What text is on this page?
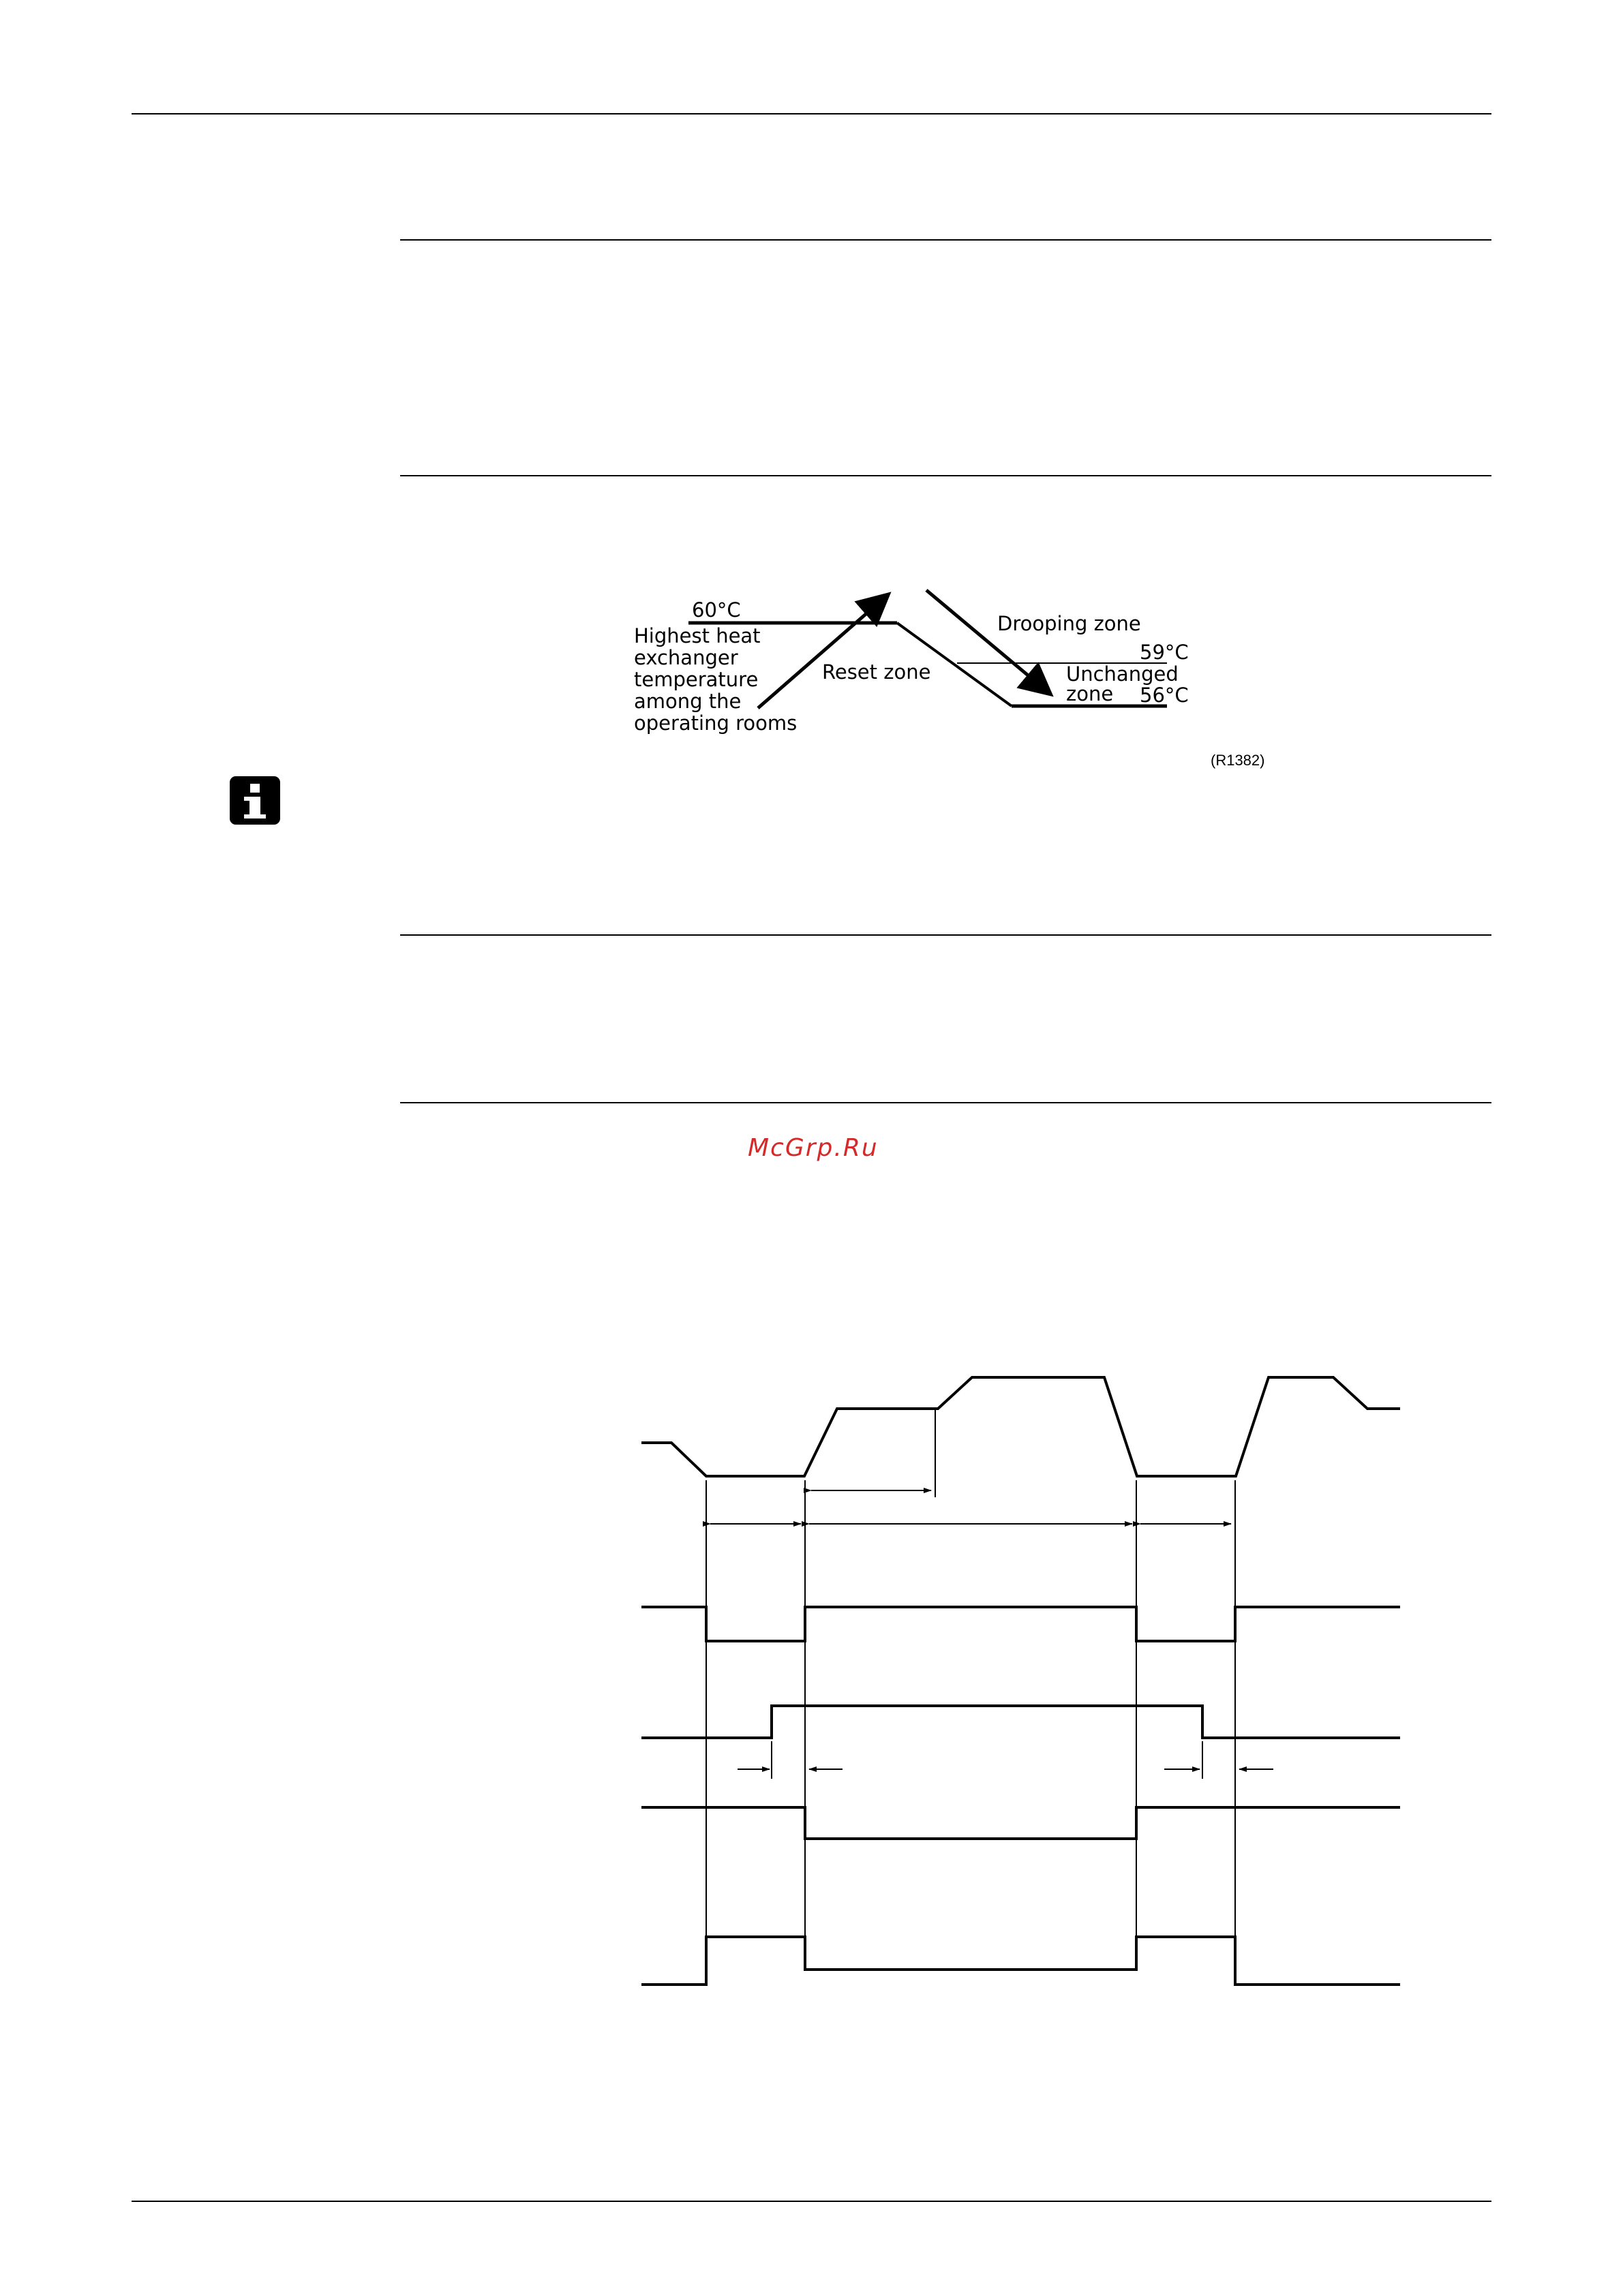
60°C
Highest heat exchanger temperature among the operating rooms
Reset zone
Drooping zone
59°C
Unchanged zone	56°C
(R1382)
McGrp.Ru
